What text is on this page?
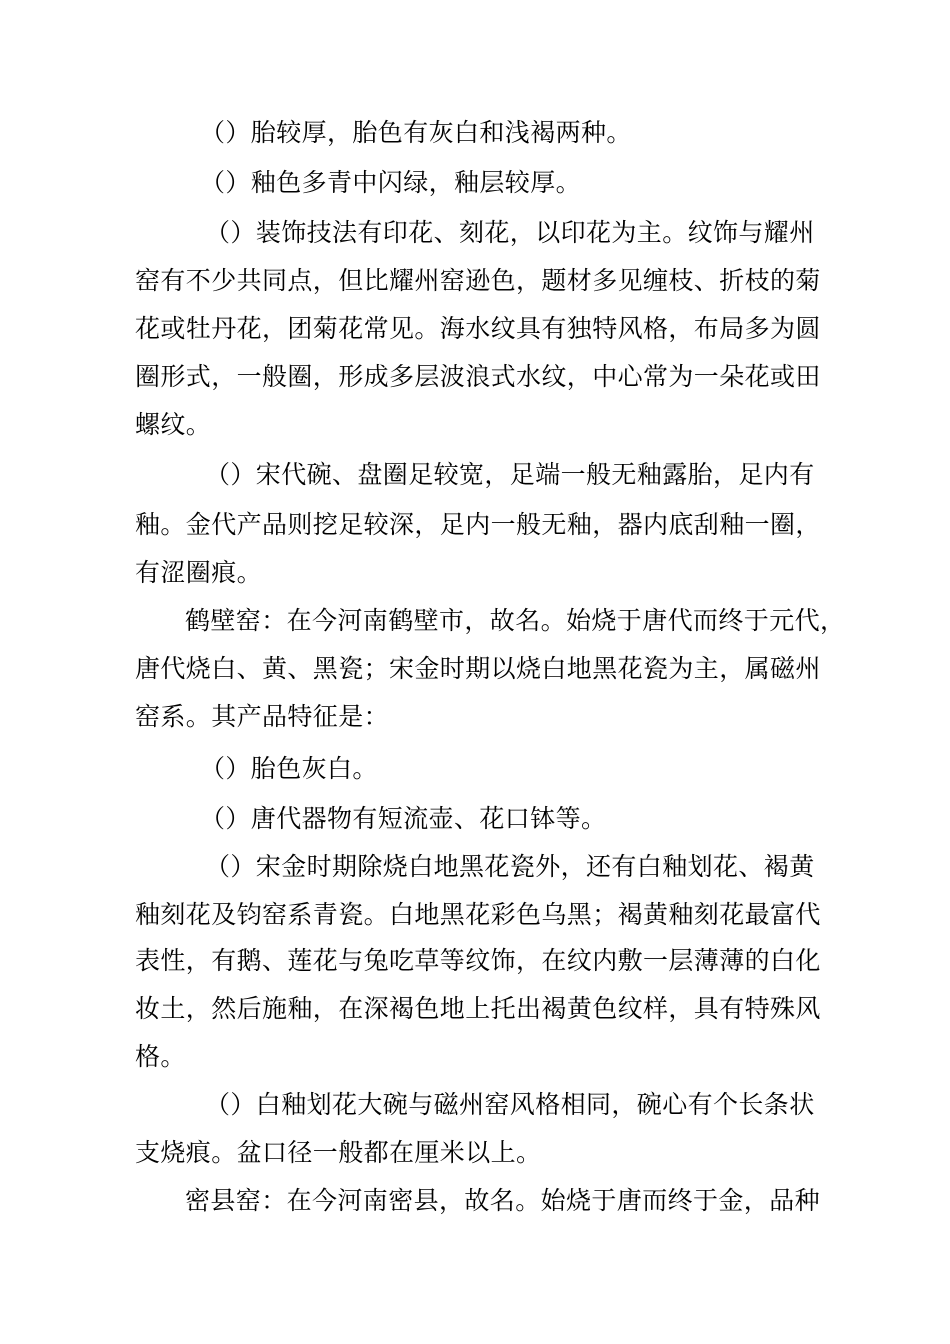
（）胎较厚，胎色有灰白和浅褐两种。
（）釉色多青中闪绿，釉层较厚。
（）装饰技法有印花、刻花，以印花为主。纹饰与耀州
窑有不少共同点，但比耀州窑逊色，题材多见缠枝、折枝的菊
花或牡丹花，团菊花常见。海水纹具有独特风格，布局多为圆
圈形式，一般圈，形成多层波浪式水纹，中心常为一朵花或田
螺纹。
（）宋代碗、盘圈足较宽，足端一般无釉露胎，足内有
釉。金代产品则挖足较深，足内一般无釉，器内底刮釉一圈，
有涩圈痕。
鹤壁窑：在今河南鹤壁市，故名。始烧于唐代而终于元代，
唐代烧白、黄、黑瓷；宋金时期以烧白地黑花瓷为主，属磁州
窑系。其产品特征是：
（）胎色灰白。
（）唐代器物有短流壶、花口钵等。
（）宋金时期除烧白地黑花瓷外，还有白釉划花、褐黄
釉刻花及钧窑系青瓷。白地黑花彩色乌黑；褐黄釉刻花最富代
表性，有鹅、莲花与兔吃草等纹饰，在纹内敷一层薄薄的白化
妆土，然后施釉，在深褐色地上托出褐黄色纹样，具有特殊风
格。
（）白釉划花大碗与磁州窑风格相同，碗心有个长条状
支烧痕。盆口径一般都在厘米以上。
密县窑：在今河南密县，故名。始烧于唐而终于金，品种
